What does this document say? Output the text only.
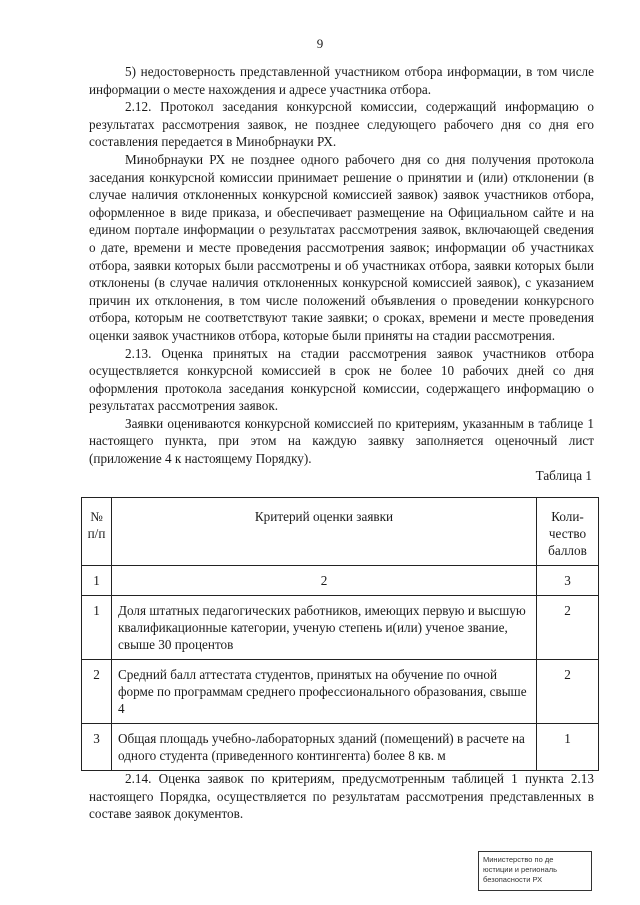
9

5) недостоверность представленной участником отбора информации, в том числе информации о месте нахождения и адресе участника отбора.

2.12. Протокол заседания конкурсной комиссии, содержащий информацию о результатах рассмотрения заявок, не позднее следующего рабочего дня со дня его составления передается в Минобрнауки РХ.

Минобрнауки РХ не позднее одного рабочего дня со дня получения протокола заседания конкурсной комиссии принимает решение о принятии и (или) отклонении (в случае наличия отклоненных конкурсной комиссией заявок) заявок участников отбора, оформленное в виде приказа, и обеспечивает размещение на Официальном сайте и на едином портале информации о результатах рассмотрения заявок, включающей сведения о дате, времени и месте проведения рассмотрения заявок; информации об участниках отбора, заявки которых были рассмотрены и об участниках отбора, заявки которых были отклонены (в случае наличия отклоненных конкурсной комиссией заявок), с указанием причин их отклонения, в том числе положений объявления о проведении конкурсного отбора, которым не соответствуют такие заявки; о сроках, времени и месте проведения оценки заявок участников отбора, которые были приняты на стадии рассмотрения.

2.13. Оценка принятых на стадии рассмотрения заявок участников отбора осуществляется конкурсной комиссией в срок не более 10 рабочих дней со дня оформления протокола заседания конкурсной комиссии, содержащего информацию о результатах рассмотрения заявок.

Заявки оцениваются конкурсной комиссией по критериям, указанным в таблице 1 настоящего пункта, при этом на каждую заявку заполняется оценочный лист (приложение 4 к настоящему Порядку).

Таблица 1
№ п/п	Критерий оценки заявки	Коли-чество баллов
1	2	3
1	Доля штатных педагогических работников, имеющих первую и высшую квалификационные категории, ученую степень и(или) ученое звание, свыше 30 процентов	2
2	Средний балл аттестата студентов, принятых на обучение по очной форме по программам среднего профессионального образования, свыше 4	2
3	Общая площадь учебно-лабораторных зданий (помещений) в расчете на одного студента (приведенного контингента) более 8 кв. м	1

2.14. Оценка заявок по критериям, предусмотренным таблицей 1 пункта 2.13 настоящего Порядка, осуществляется по результатам рассмотрения представленных в составе заявок документов.

Министерство по де
юстиции и региональ
безопасности РХ
